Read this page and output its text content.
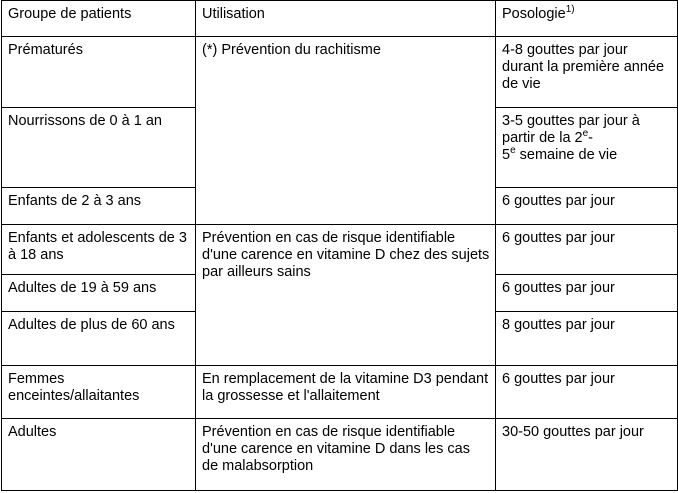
Groupe de patients	Utilisation	Posologie$^{1)}$
Prématurés	(*) Prévention du rachitisme	4-8 gouttes par jour durant la première année de vie
Nourrissons de 0 à 1 an		3-5 gouttes par jour à partir de la 2e-
5e semaine de vie
Enfants de 2 à 3 ans		6 gouttes par jour
Enfants et adolescents de 3 à 18 ans	Prévention en cas de risque identifiable d'une carence en vitamine D chez des sujets par ailleurs sains	6 gouttes par jour
Adultes de 19 à 59 ans		6 gouttes par jour
Adultes de plus de 60 ans		8 gouttes par jour
Femmes enceintes/allaitantes	En remplacement de la vitamine D3 pendant la grossesse et l'allaitement	6 gouttes par jour
Adultes	Prévention en cas de risque identifiable d'une carence en vitamine D dans les cas de malabsorption	30-50 gouttes par jour
